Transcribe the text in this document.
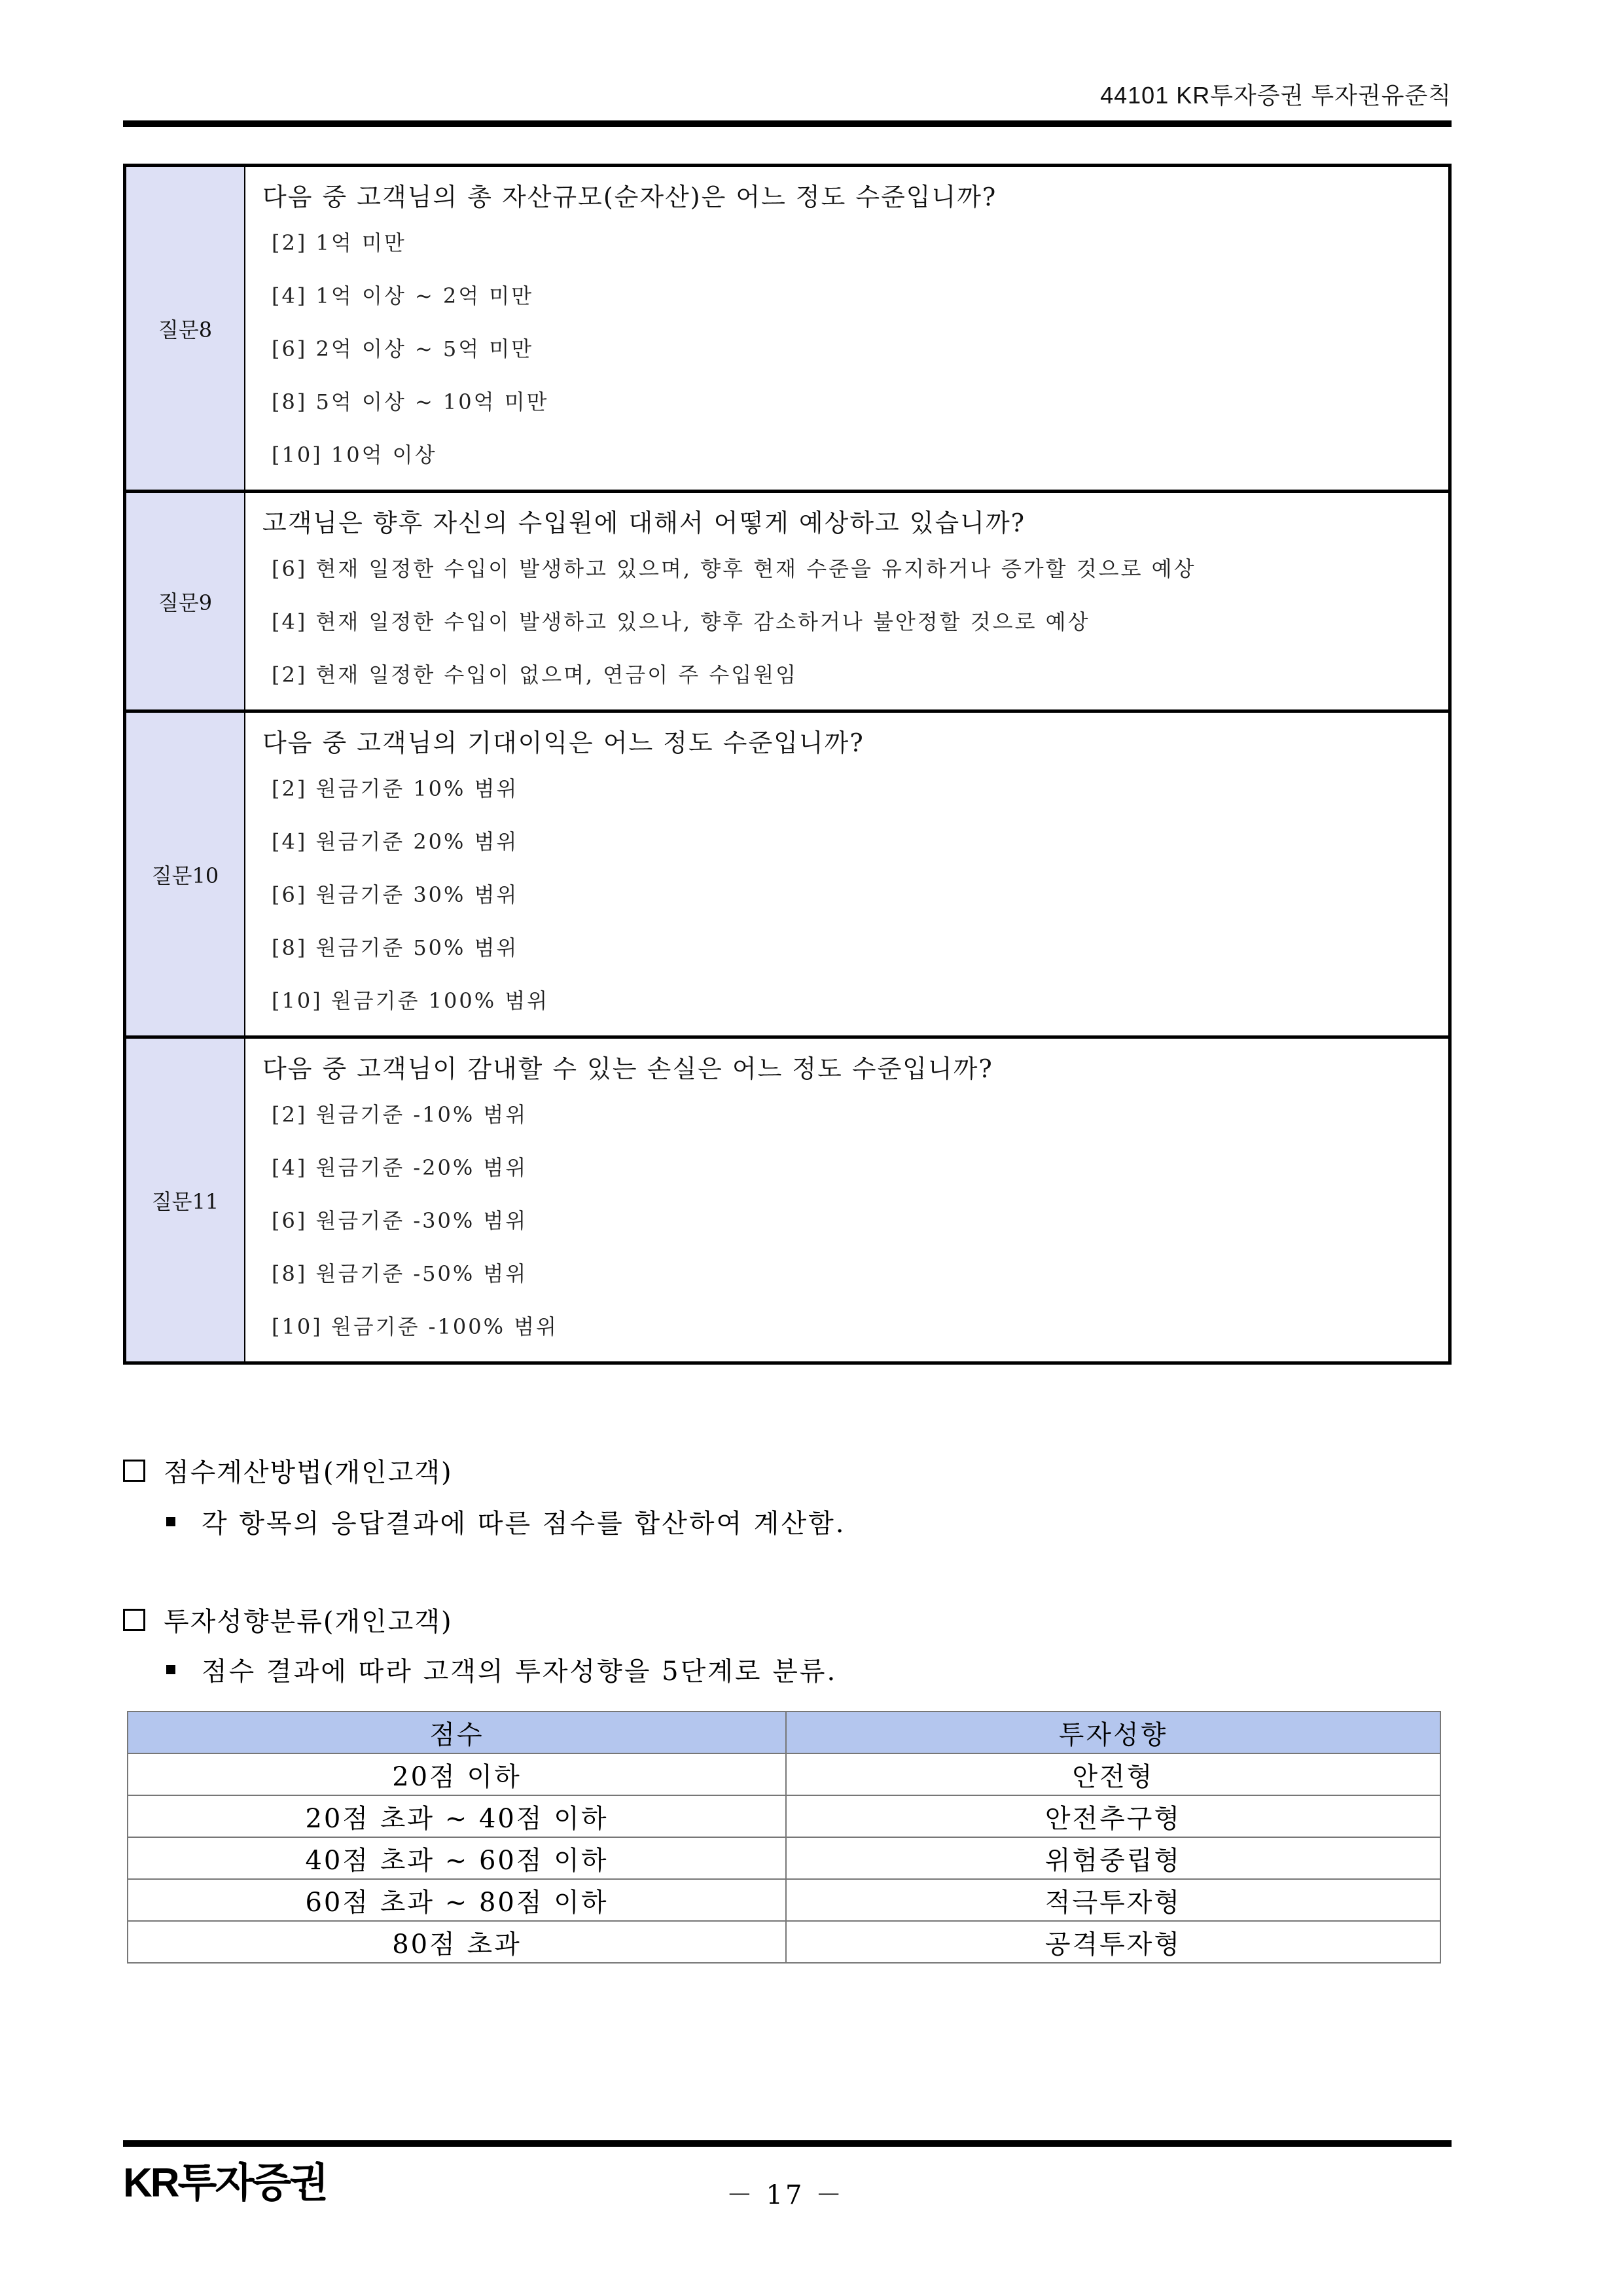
44101 KR투자증권 투자권유준칙
질문8
다음 중 고객님의 총 자산규모(순자산)은 어느 정도 수준입니까?
[2] 1억 미만
[4] 1억 이상 ~ 2억 미만
[6] 2억 이상 ~ 5억 미만
[8] 5억 이상 ~ 10억 미만
[10] 10억 이상
질문9
고객님은 향후 자신의 수입원에 대해서 어떻게 예상하고 있습니까?
[6] 현재 일정한 수입이 발생하고 있으며, 향후 현재 수준을 유지하거나 증가할 것으로 예상
[4] 현재 일정한 수입이 발생하고 있으나, 향후 감소하거나 불안정할 것으로 예상
[2] 현재 일정한 수입이 없으며, 연금이 주 수입원임
질문10
다음 중 고객님의 기대이익은 어느 정도 수준입니까?
[2] 원금기준 10% 범위
[4] 원금기준 20% 범위
[6] 원금기준 30% 범위
[8] 원금기준 50% 범위
[10] 원금기준 100% 범위
질문11
다음 중 고객님이 감내할 수 있는 손실은 어느 정도 수준입니까?
[2] 원금기준 -10% 범위
[4] 원금기준 -20% 범위
[6] 원금기준 -30% 범위
[8] 원금기준 -50% 범위
[10] 원금기준 -100% 범위
점수계산방법(개인고객)
각 항목의 응답결과에 따른 점수를 합산하여 계산함.
투자성향분류(개인고객)
점수 결과에 따라 고객의 투자성향을 5단계로 분류.
점수	투자성향
20점 이하	안전형
20점 초과 ~ 40점 이하	안전추구형
40점 초과 ~ 60점 이하	위험중립형
60점 초과 ~ 80점 이하	적극투자형
80점 초과	공격투자형
KR투자증권	－ 17 －
